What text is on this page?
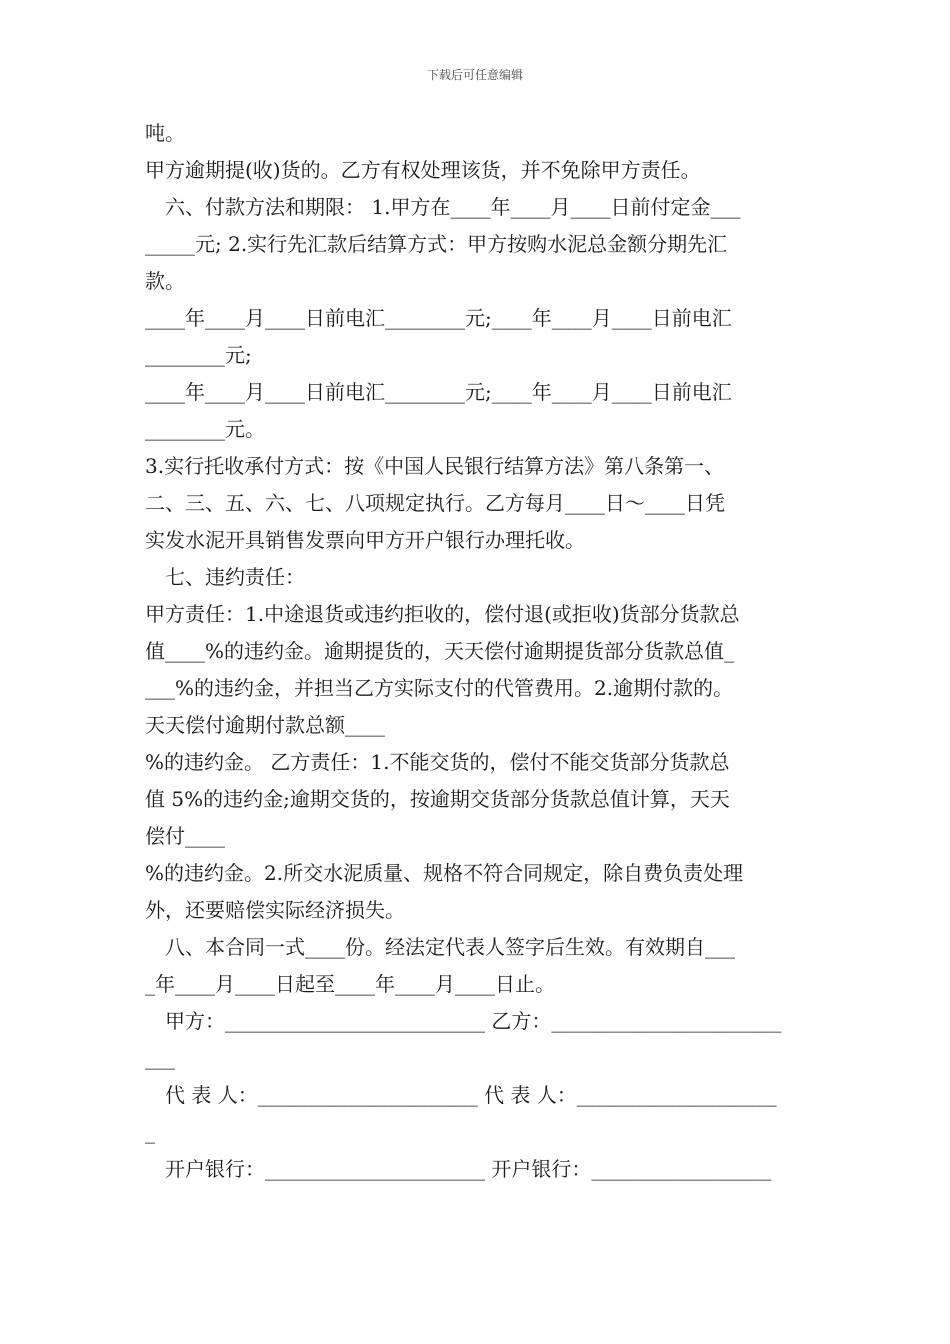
下载后可任意编辑
吨。
甲方逾期提(收)货的。乙方有权处理该货，并不免除甲方责任。
六、付款方法和期限： 1.甲方在____年____月____日前付定金___
_____元; 2.实行先汇款后结算方式：甲方按购水泥总金额分期先汇
款。
____年____月____日前电汇________元;____年____月____日前电汇
________元;
____年____月____日前电汇________元;____年____月____日前电汇
________元。
3.实行托收承付方式：按《中国人民银行结算方法》第八条第一、
二、三、五、六、七、八项规定执行。乙方每月____日～____日凭
实发水泥开具销售发票向甲方开户银行办理托收。
七、违约责任：
甲方责任：1.中途退货或违约拒收的，偿付退(或拒收)货部分货款总
值____%的违约金。逾期提货的，天天偿付逾期提货部分货款总值_
___%的违约金，并担当乙方实际支付的代管费用。2.逾期付款的。
天天偿付逾期付款总额____
%的违约金。 乙方责任：1.不能交货的，偿付不能交货部分货款总
值 5%的违约金;逾期交货的，按逾期交货部分货款总值计算，天天
偿付____
%的违约金。2.所交水泥质量、规格不符合同规定，除自费负责处理
外，还要赔偿实际经济损失。
八、本合同一式____份。经法定代表人签字后生效。有效期自___
_年____月____日起至____年____月____日止。
甲方：__________________________ 乙方：_______________________
___
代 表 人：______________________ 代 表 人：____________________
_
开户银行：______________________ 开户银行：__________________
